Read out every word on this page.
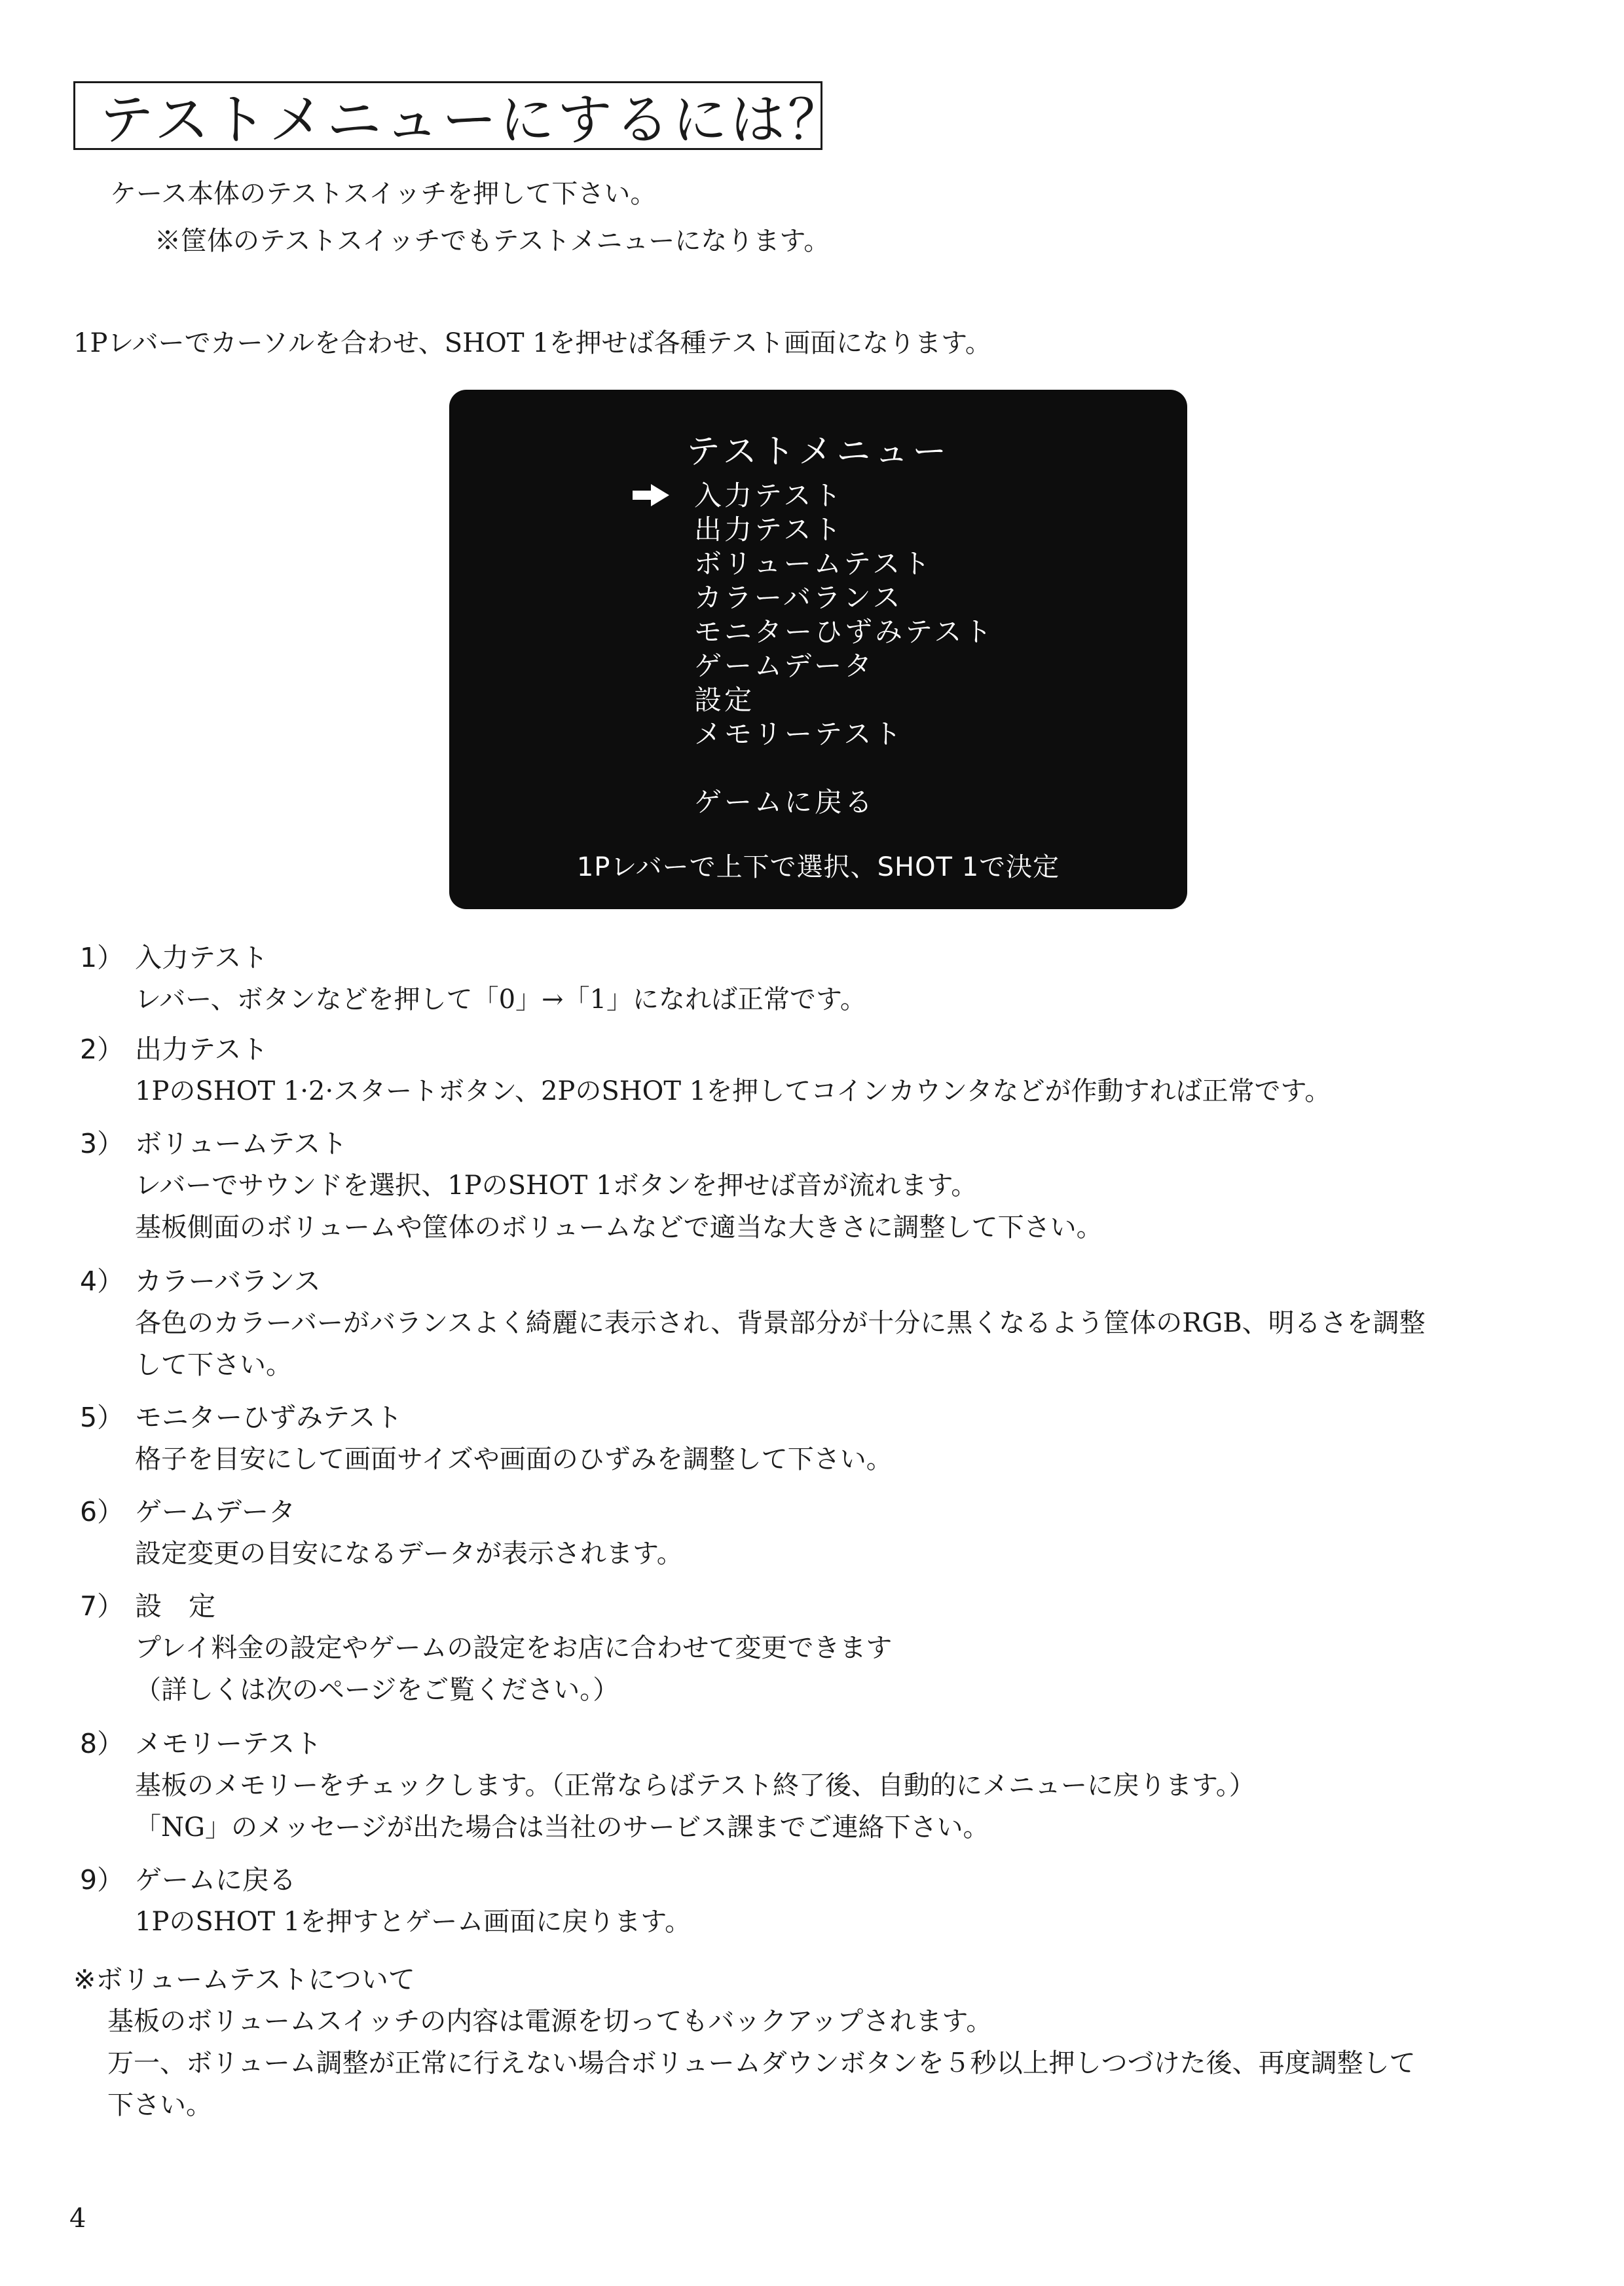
テストメニューにするには？
ケース本体のテストスイッチを押して下さい。
※筐体のテストスイッチでもテストメニューになります。
1Pレバーでカーソルを合わせ、SHOT 1を押せば各種テスト画面になります。
テストメニュー
入力テスト
出力テスト
ボリュームテスト
カラーバランス
モニターひずみテスト
ゲームデータ
設定
メモリーテスト
ゲームに戻る
1Pレバーで上下で選択、SHOT 1で決定
1） 入力テスト
レバー、ボタンなどを押して「0」→「1」になれば正常です。
2） 出力テスト
1PのSHOT 1·2·スタートボタン、2PのSHOT 1を押してコインカウンタなどが作動すれば正常です。
3） ボリュームテスト
レバーでサウンドを選択、1PのSHOT 1ボタンを押せば音が流れます。
基板側面のボリュームや筐体のボリュームなどで適当な大きさに調整して下さい。
4） カラーバランス
各色のカラーバーがバランスよく綺麗に表示され、背景部分が十分に黒くなるよう筐体のRGB、明るさを調整
して下さい。
5） モニターひずみテスト
格子を目安にして画面サイズや画面のひずみを調整して下さい。
6） ゲームデータ
設定変更の目安になるデータが表示されます。
7） 設　定
プレイ料金の設定やゲームの設定をお店に合わせて変更できます
（詳しくは次のページをご覧ください。）
8） メモリーテスト
基板のメモリーをチェックします。（正常ならばテスト終了後、自動的にメニューに戻ります。）
「NG」のメッセージが出た場合は当社のサービス課までご連絡下さい。
9） ゲームに戻る
1PのSHOT 1を押すとゲーム画面に戻ります。
※ボリュームテストについて
基板のボリュームスイッチの内容は電源を切ってもバックアップされます。
万一、ボリューム調整が正常に行えない場合ボリュームダウンボタンを５秒以上押しつづけた後、再度調整して
下さい。
4
